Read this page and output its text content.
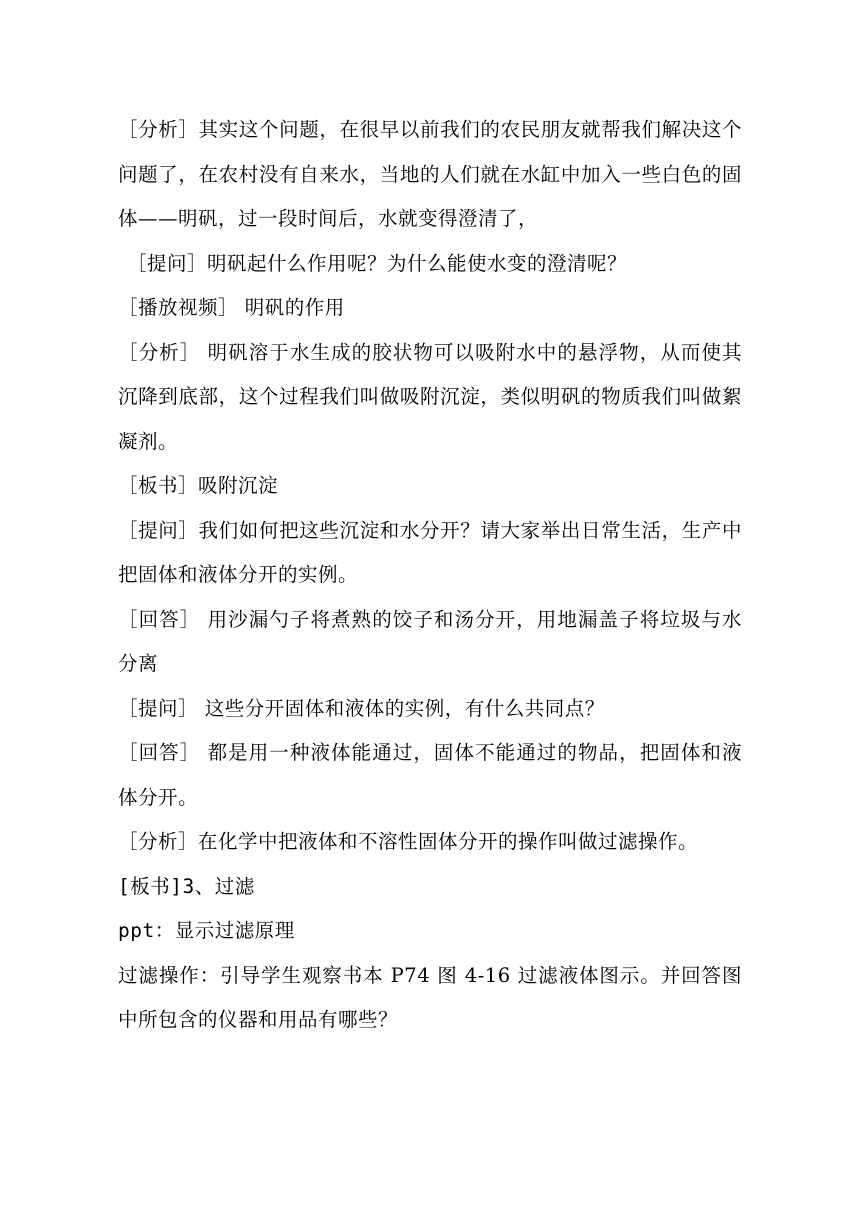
［分析］其实这个问题，在很早以前我们的农民朋友就帮我们解决这个问题了，在农村没有自来水，当地的人们就在水缸中加入一些白色的固体——明矾，过一段时间后，水就变得澄清了，

［提问］明矾起什么作用呢？为什么能使水变的澄清呢？

［播放视频］ 明矾的作用

［分析］ 明矾溶于水生成的胶状物可以吸附水中的悬浮物，从而使其沉降到底部，这个过程我们叫做吸附沉淀，类似明矾的物质我们叫做絮凝剂。

［板书］吸附沉淀

［提问］我们如何把这些沉淀和水分开？请大家举出日常生活，生产中把固体和液体分开的实例。

［回答］ 用沙漏勺子将煮熟的饺子和汤分开，用地漏盖子将垃圾与水分离

［提问］ 这些分开固体和液体的实例，有什么共同点？

［回答］ 都是用一种液体能通过，固体不能通过的物品，把固体和液体分开。

［分析］在化学中把液体和不溶性固体分开的操作叫做过滤操作。

[板书]3、过滤

ppt：显示过滤原理

过滤操作：引导学生观察书本 P74 图 4-16 过滤液体图示。并回答图中所包含的仪器和用品有哪些？
